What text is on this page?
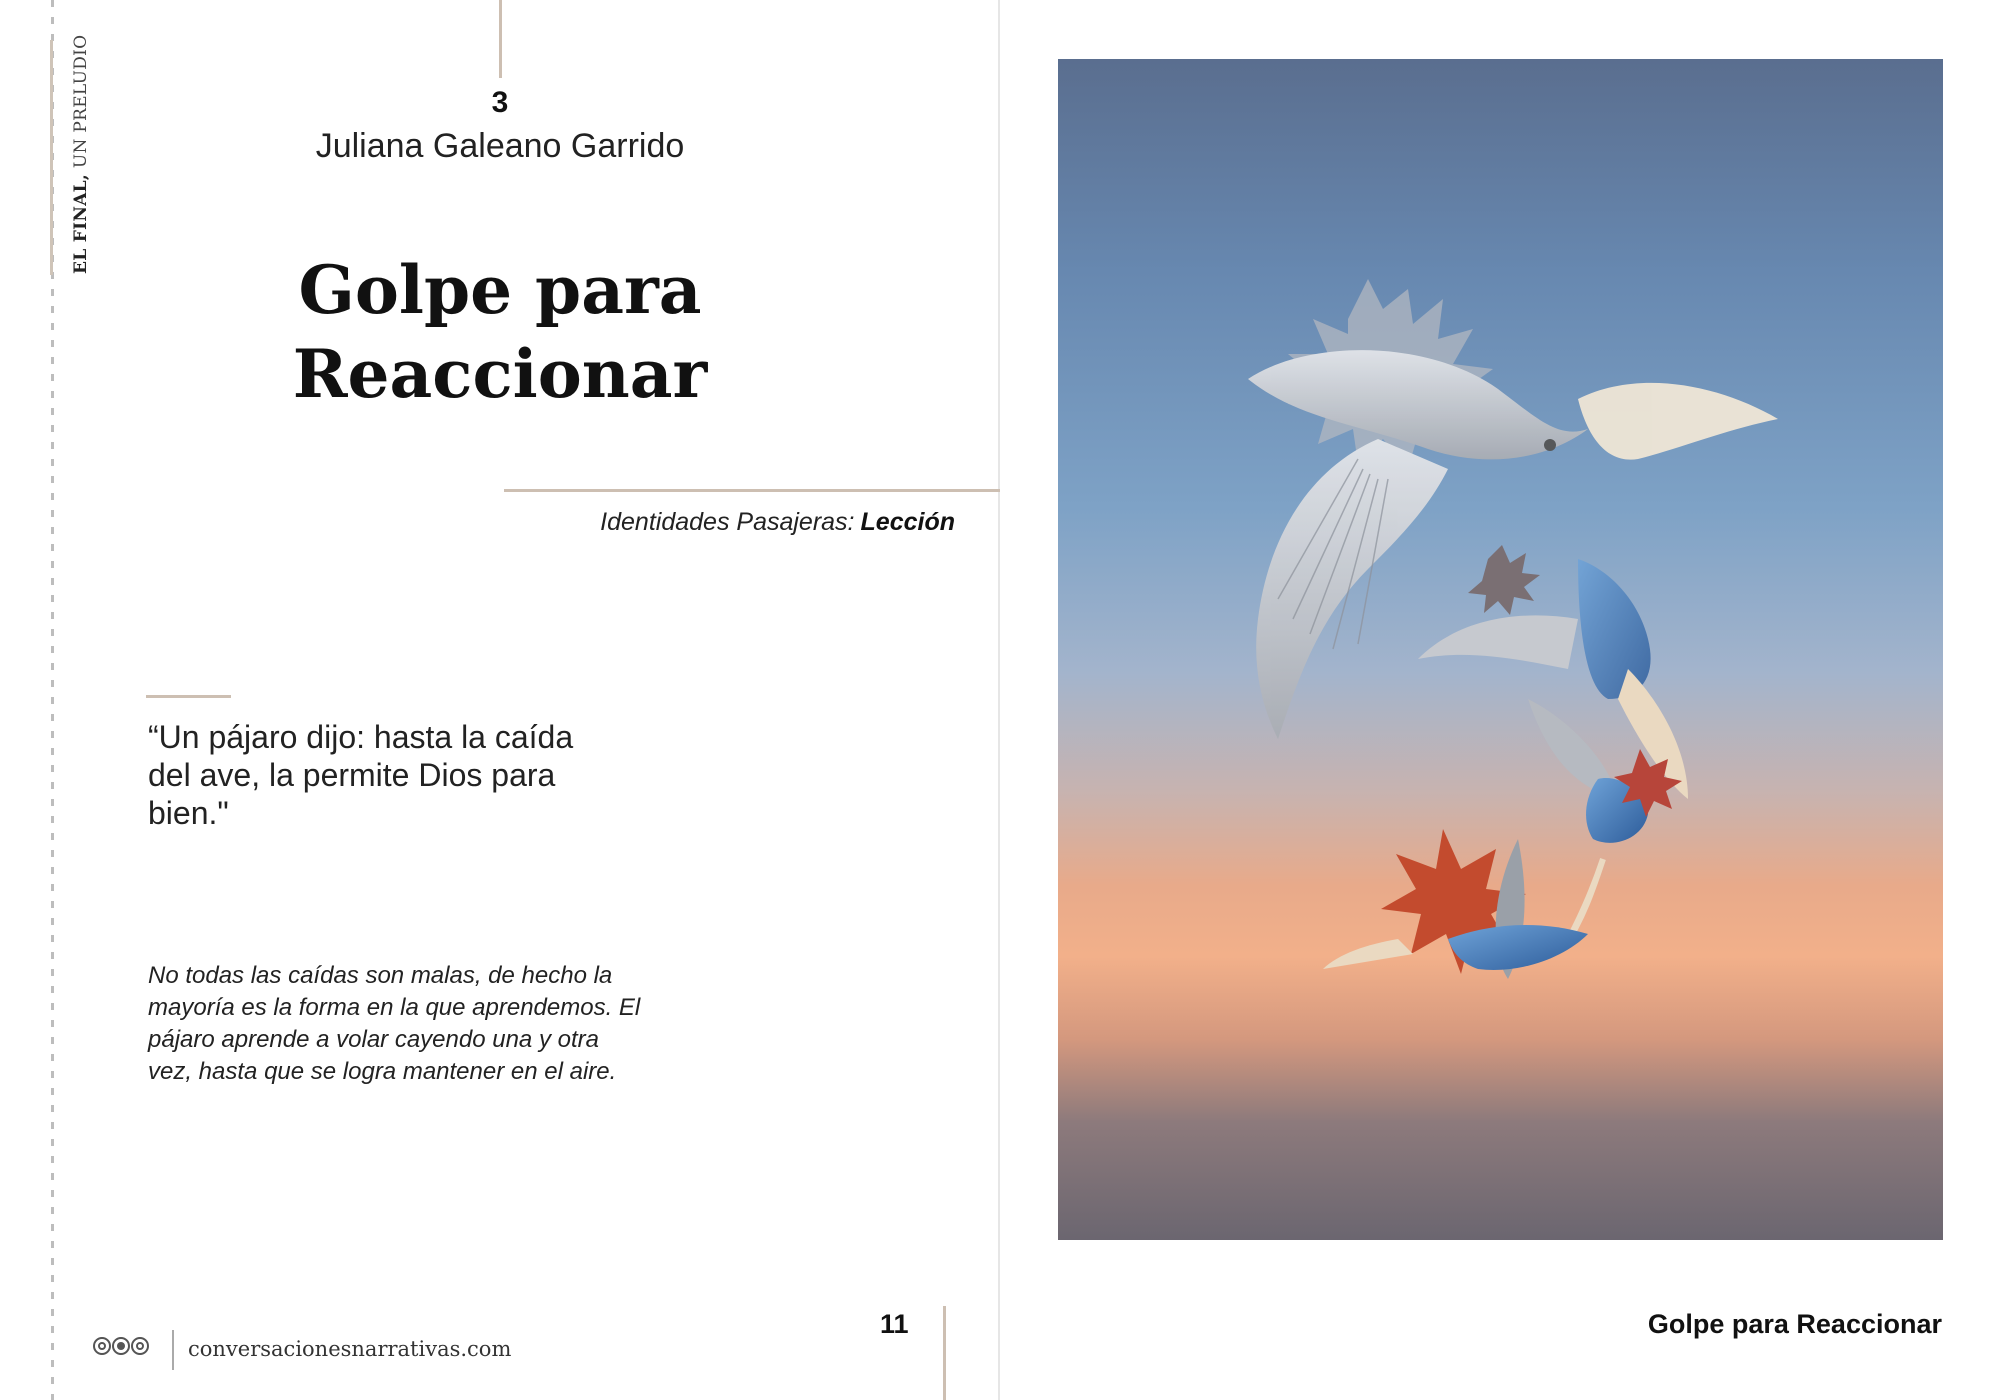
EL FINAL, UN PRELUDIO	3
Juliana Galeano Garrido
Golpe para
Reaccionar
Identidades Pasajeras: Lección
“Un pájaro dijo: hasta la caída del ave, la permite Dios para bien."
No todas las caídas son malas, de hecho la mayoría es la forma en la que aprendemos. El pájaro aprende a volar cayendo una y otra vez, hasta que se logra mantener en el aire.
11
conversacionesnarrativas.com
Golpe para Reaccionar
